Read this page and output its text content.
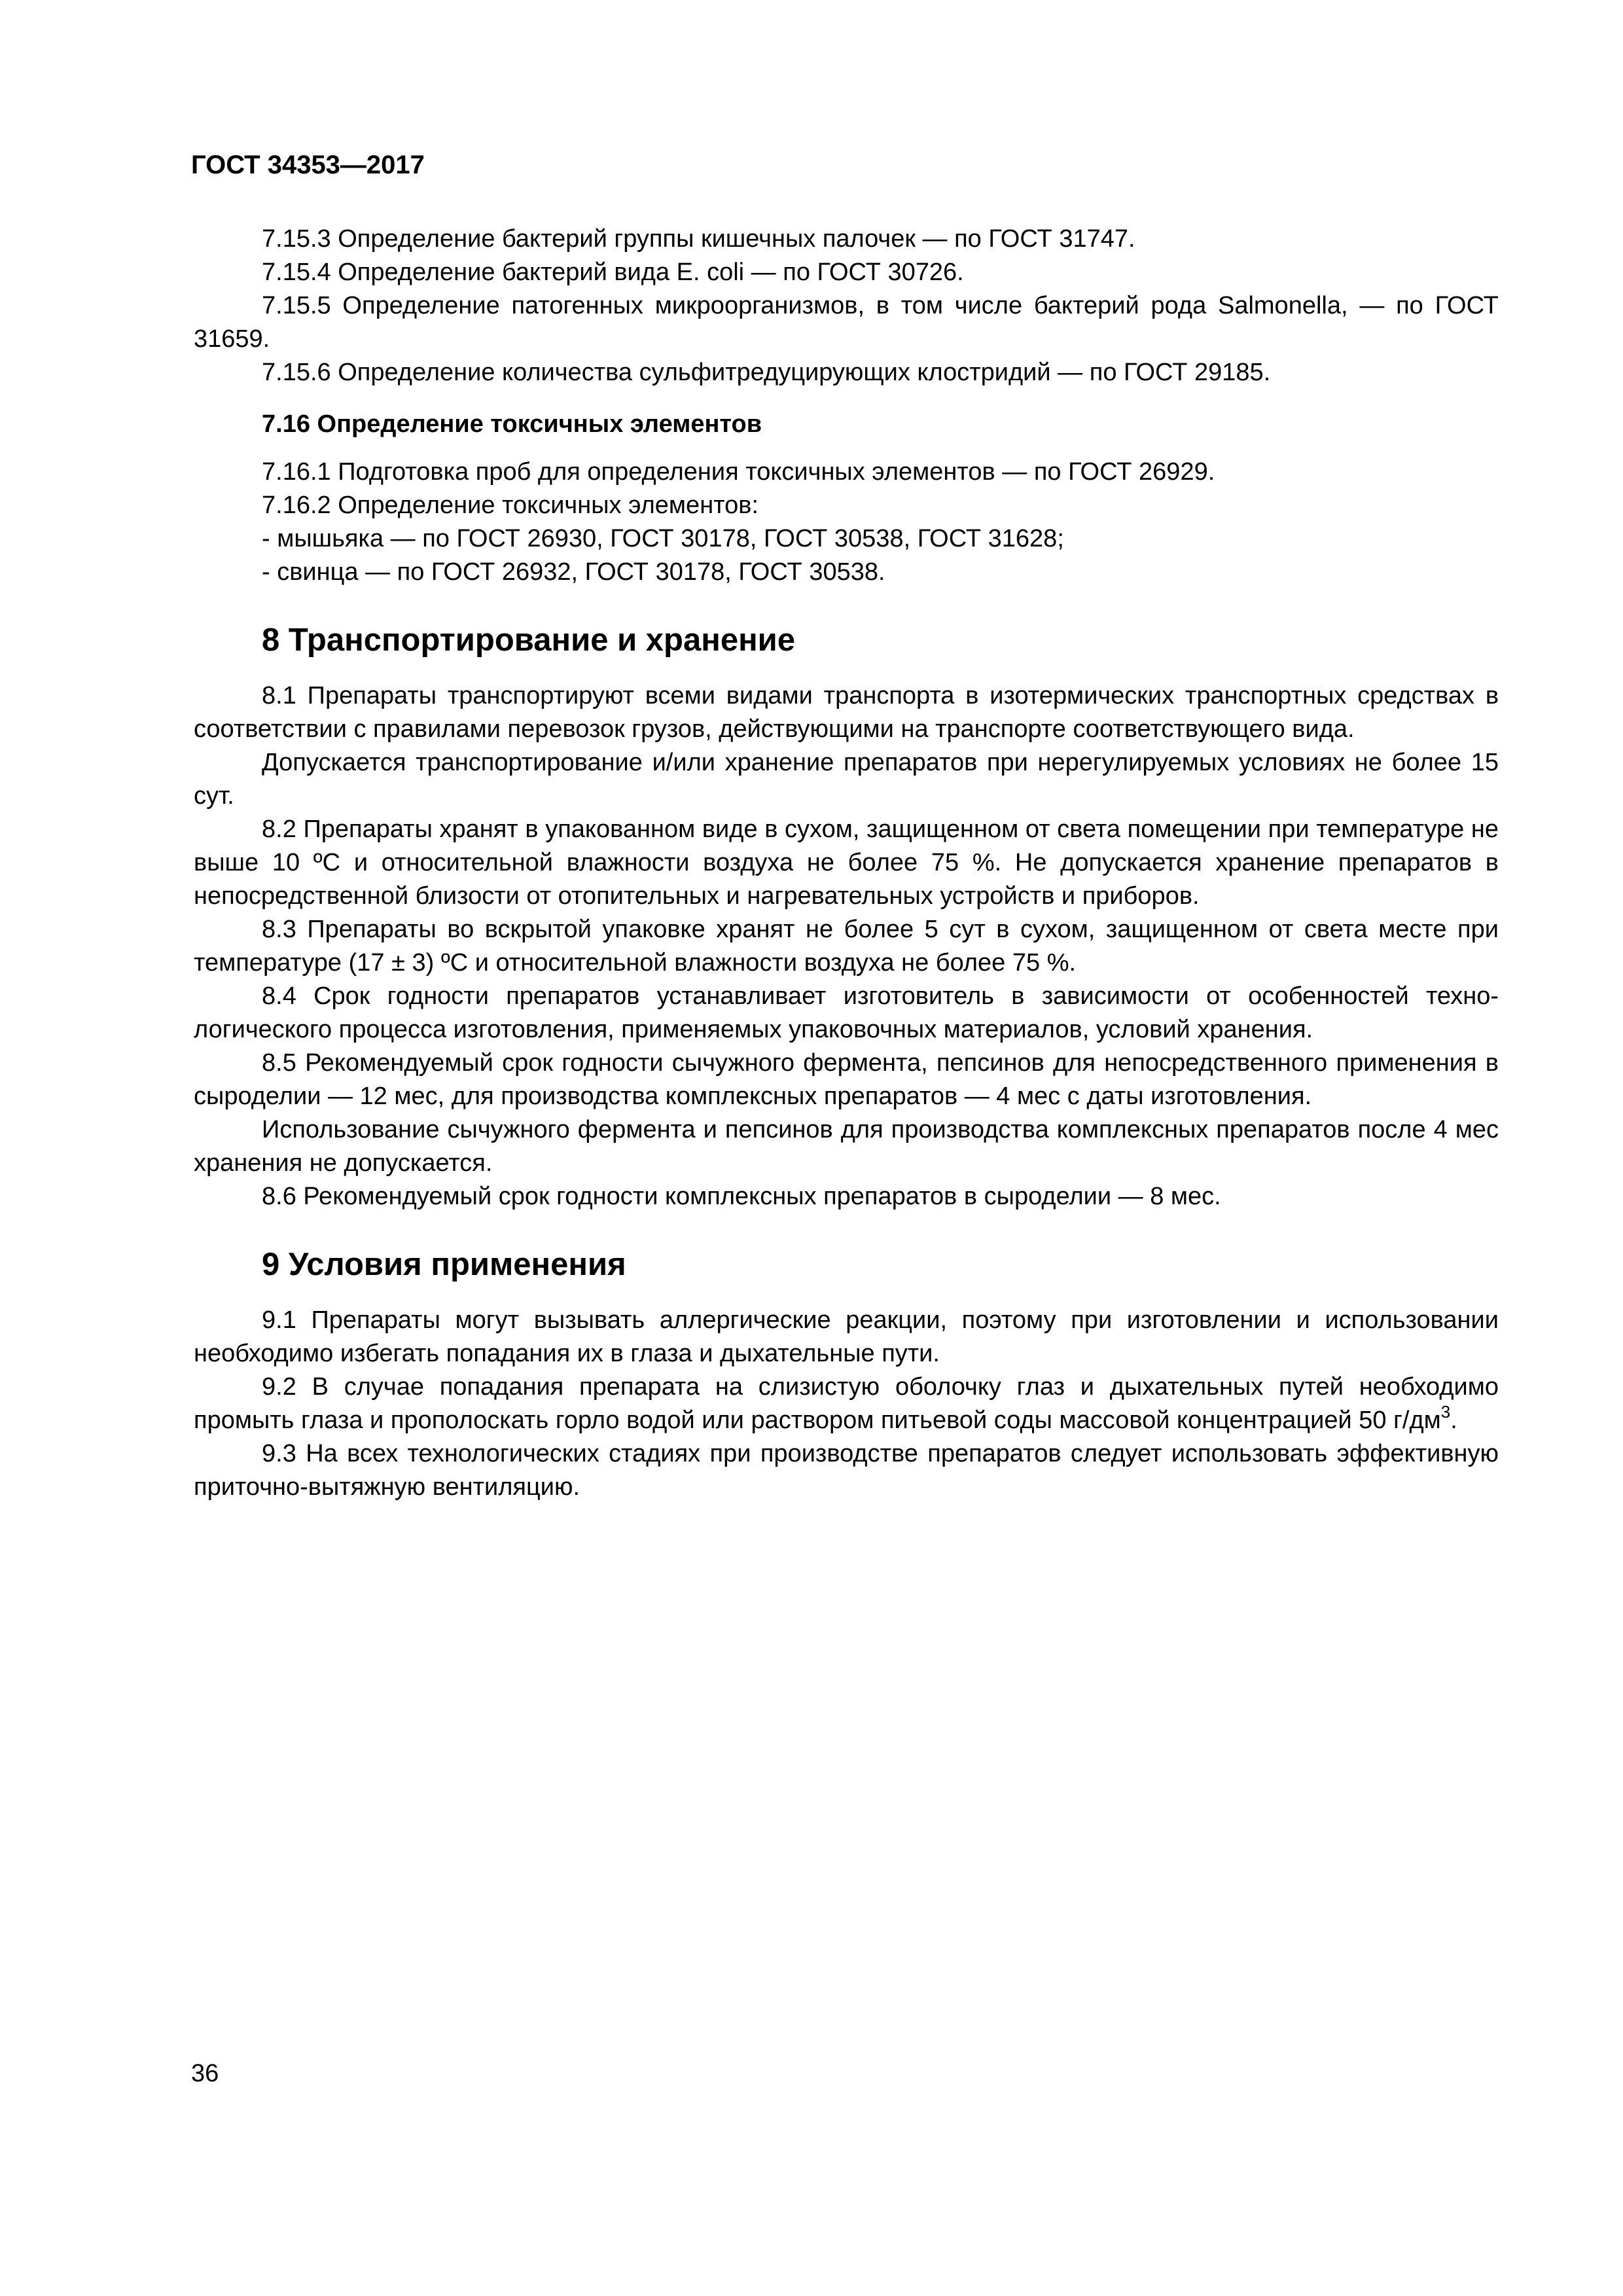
ГОСТ 34353—2017

7.15.3 Определение бактерий группы кишечных палочек — по ГОСТ 31747.

7.15.4 Определение бактерий вида E. coli — по ГОСТ 30726.

7.15.5 Определение патогенных микроорганизмов, в том числе бактерий рода Salmonella, — по ГОСТ 31659.

7.15.6 Определение количества сульфитредуцирующих клостридий — по ГОСТ 29185.

7.16 Определение токсичных элементов

7.16.1 Подготовка проб для определения токсичных элементов — по ГОСТ 26929.

7.16.2 Определение токсичных элементов:

- мышьяка — по ГОСТ 26930, ГОСТ 30178, ГОСТ 30538, ГОСТ 31628;

- свинца — по ГОСТ 26932, ГОСТ 30178, ГОСТ 30538.

8 Транспортирование и хранение

8.1 Препараты транспортируют всеми видами транспорта в изотермических транспортных средствах в соответствии с правилами перевозок грузов, действующими на транспорте соответствующего вида.

Допускается транспортирование и/или хранение препаратов при нерегулируемых условиях не более 15 сут.

8.2 Препараты хранят в упакованном виде в сухом, защищенном от света помещении при температуре не выше 10 ºС и относительной влажности воздуха не более 75 %. Не допускается хранение препаратов в непосредственной близости от отопительных и нагревательных устройств и приборов.

8.3 Препараты во вскрытой упаковке хранят не более 5 сут в сухом, защищенном от света месте при температуре (17 ± 3) ºС и относительной влажности воздуха не более 75 %.

8.4 Срок годности препаратов устанавливает изготовитель в зависимости от особенностей технологического процесса изготовления, применяемых упаковочных материалов, условий хранения.

8.5 Рекомендуемый срок годности сычужного фермента, пепсинов для непосредственного применения в сыроделии — 12 мес, для производства комплексных препаратов — 4 мес с даты изготовления.

Использование сычужного фермента и пепсинов для производства комплексных препаратов после 4 мес хранения не допускается.

8.6 Рекомендуемый срок годности комплексных препаратов в сыроделии — 8 мес.

9 Условия применения

9.1 Препараты могут вызывать аллергические реакции, поэтому при изготовлении и использовании необходимо избегать попадания их в глаза и дыхательные пути.

9.2 В случае попадания препарата на слизистую оболочку глаз и дыхательных путей необходимо промыть глаза и прополоскать горло водой или раствором питьевой соды массовой концентрацией 50 $г/дм^3$.

9.3 На всех технологических стадиях при производстве препаратов следует использовать эффективную приточно-вытяжную вентиляцию.

36
